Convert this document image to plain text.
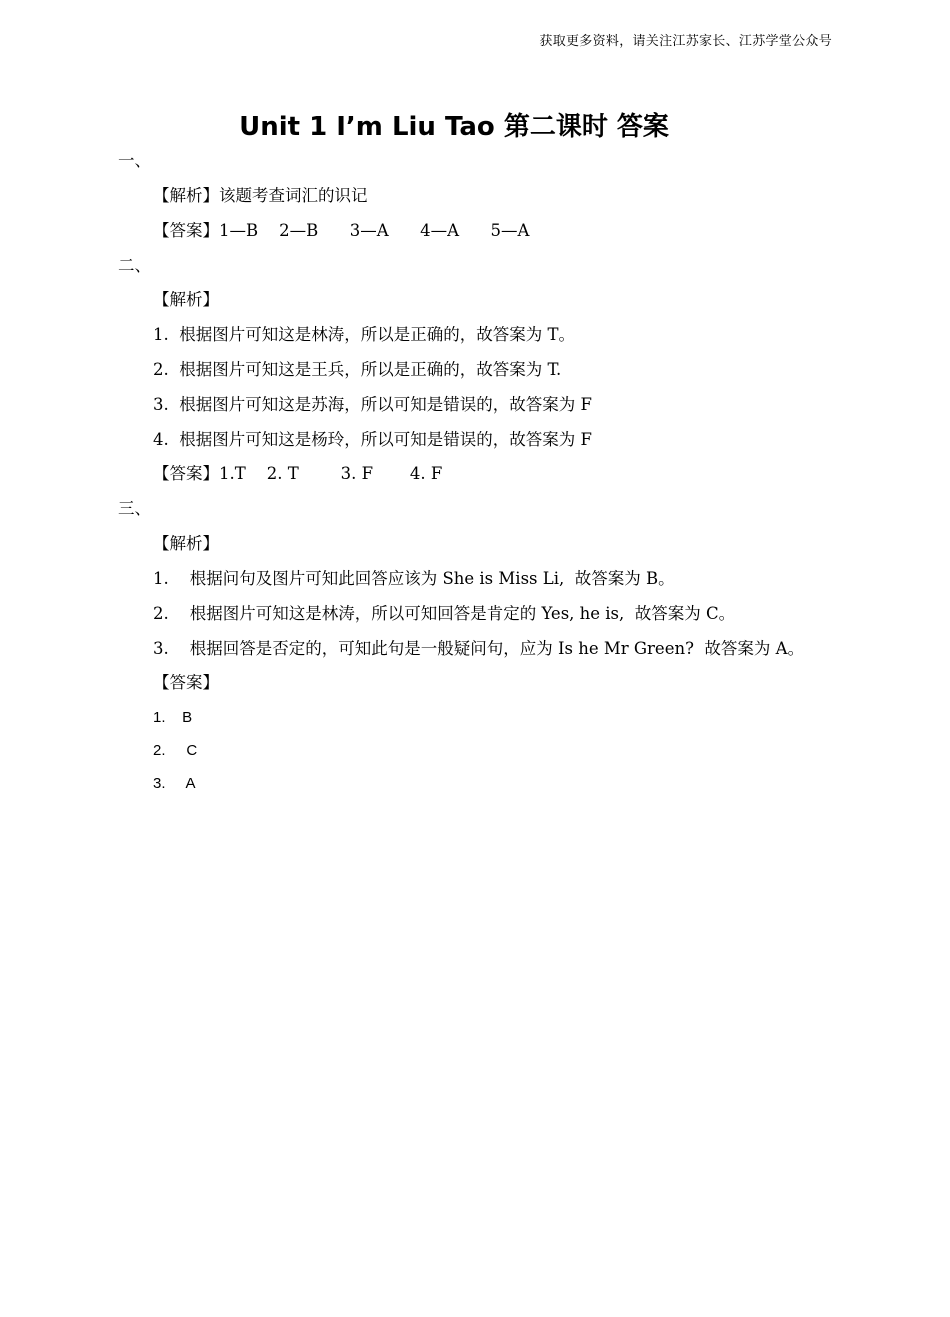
获取更多资料，请关注江苏家长、江苏学堂公众号
Unit 1 I’m Liu Tao 第二课时 答案
一、
【解析】该题考查词汇的识记
【答案】1—B    2—B      3—A      4—A      5—A
二、
【解析】
1.  根据图片可知这是林涛，所以是正确的，故答案为 T。
2.  根据图片可知这是王兵，所以是正确的，故答案为 T.
3.  根据图片可知这是苏海，所以可知是错误的，故答案为 F
4.  根据图片可知这是杨玲，所以可知是错误的，故答案为 F
【答案】1.T    2. T        3. F       4. F
三、
【解析】
1.    根据问句及图片可知此回答应该为 She is Miss Li,  故答案为 B。
2.    根据图片可知这是林涛，所以可知回答是肯定的 Yes, he is,  故答案为 C。
3.    根据回答是否定的，可知此句是一般疑问句，应为 Is he Mr Green?  故答案为 A。
【答案】
1.    B
2.     C
3.     A
